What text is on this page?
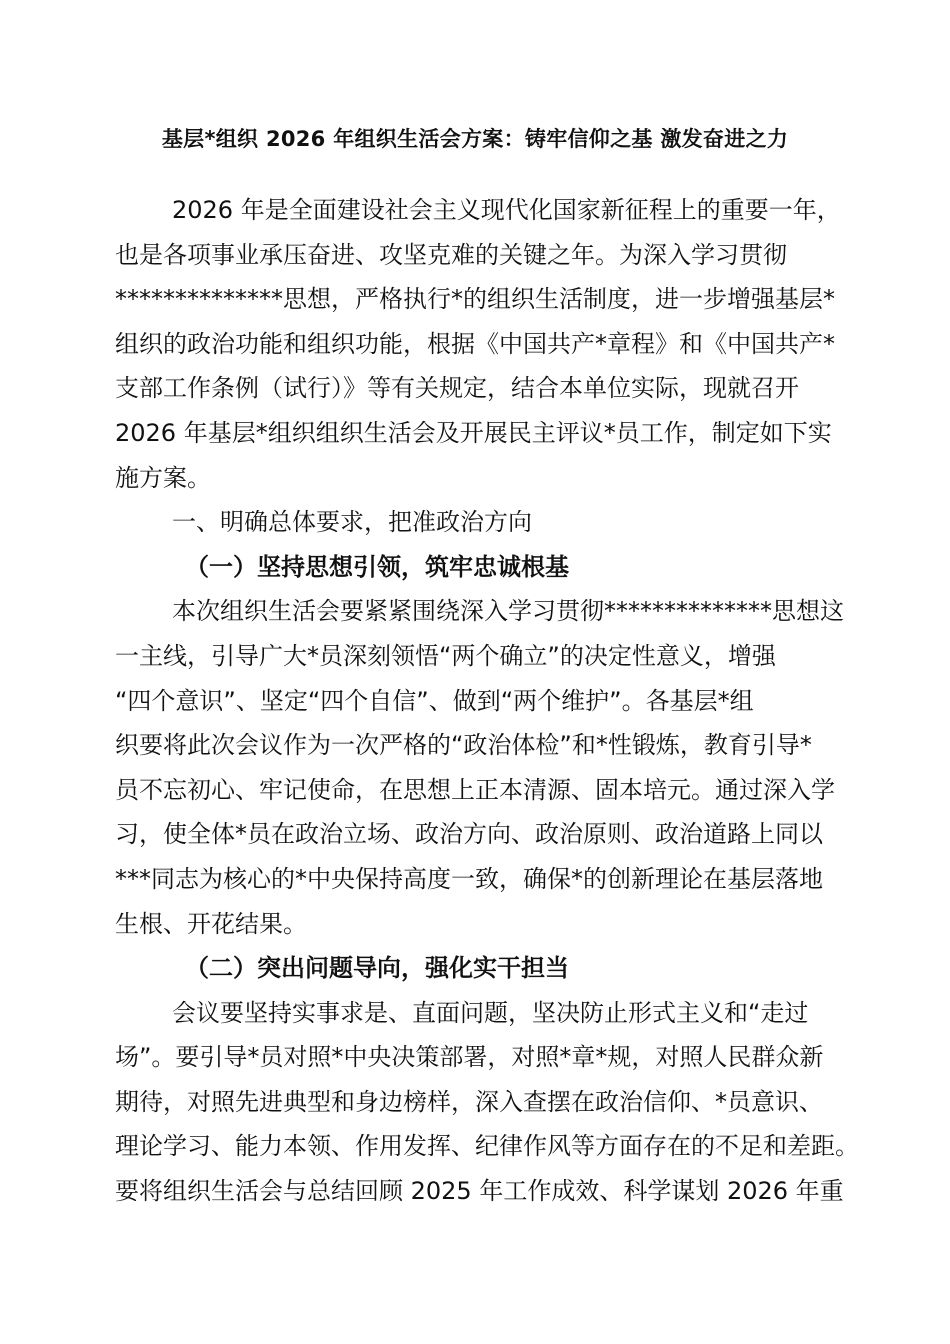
基层*组织 2026 年组织生活会方案：铸牢信仰之基 激发奋进之力
2026 年是全面建设社会主义现代化国家新征程上的重要一年，
也是各项事业承压奋进、攻坚克难的关键之年。为深入学习贯彻
**************思想，严格执行*的组织生活制度，进一步增强基层*
组织的政治功能和组织功能，根据《中国共产*章程》和《中国共产*
支部工作条例（试行）》等有关规定，结合本单位实际，现就召开
2026 年基层*组织组织生活会及开展民主评议*员工作，制定如下实
施方案。
一、明确总体要求，把准政治方向
（一）坚持思想引领，筑牢忠诚根基
本次组织生活会要紧紧围绕深入学习贯彻**************思想这
一主线，引导广大*员深刻领悟“两个确立”的决定性意义，增强
“四个意识”、坚定“四个自信”、做到“两个维护”。各基层*组
织要将此次会议作为一次严格的“政治体检”和*性锻炼，教育引导*
员不忘初心、牢记使命，在思想上正本清源、固本培元。通过深入学
习，使全体*员在政治立场、政治方向、政治原则、政治道路上同以
***同志为核心的*中央保持高度一致，确保*的创新理论在基层落地
生根、开花结果。
（二）突出问题导向，强化实干担当
会议要坚持实事求是、直面问题，坚决防止形式主义和“走过
场”。要引导*员对照*中央决策部署，对照*章*规，对照人民群众新
期待，对照先进典型和身边榜样，深入查摆在政治信仰、*员意识、
理论学习、能力本领、作用发挥、纪律作风等方面存在的不足和差距。
要将组织生活会与总结回顾 2025 年工作成效、科学谋划 2026 年重
